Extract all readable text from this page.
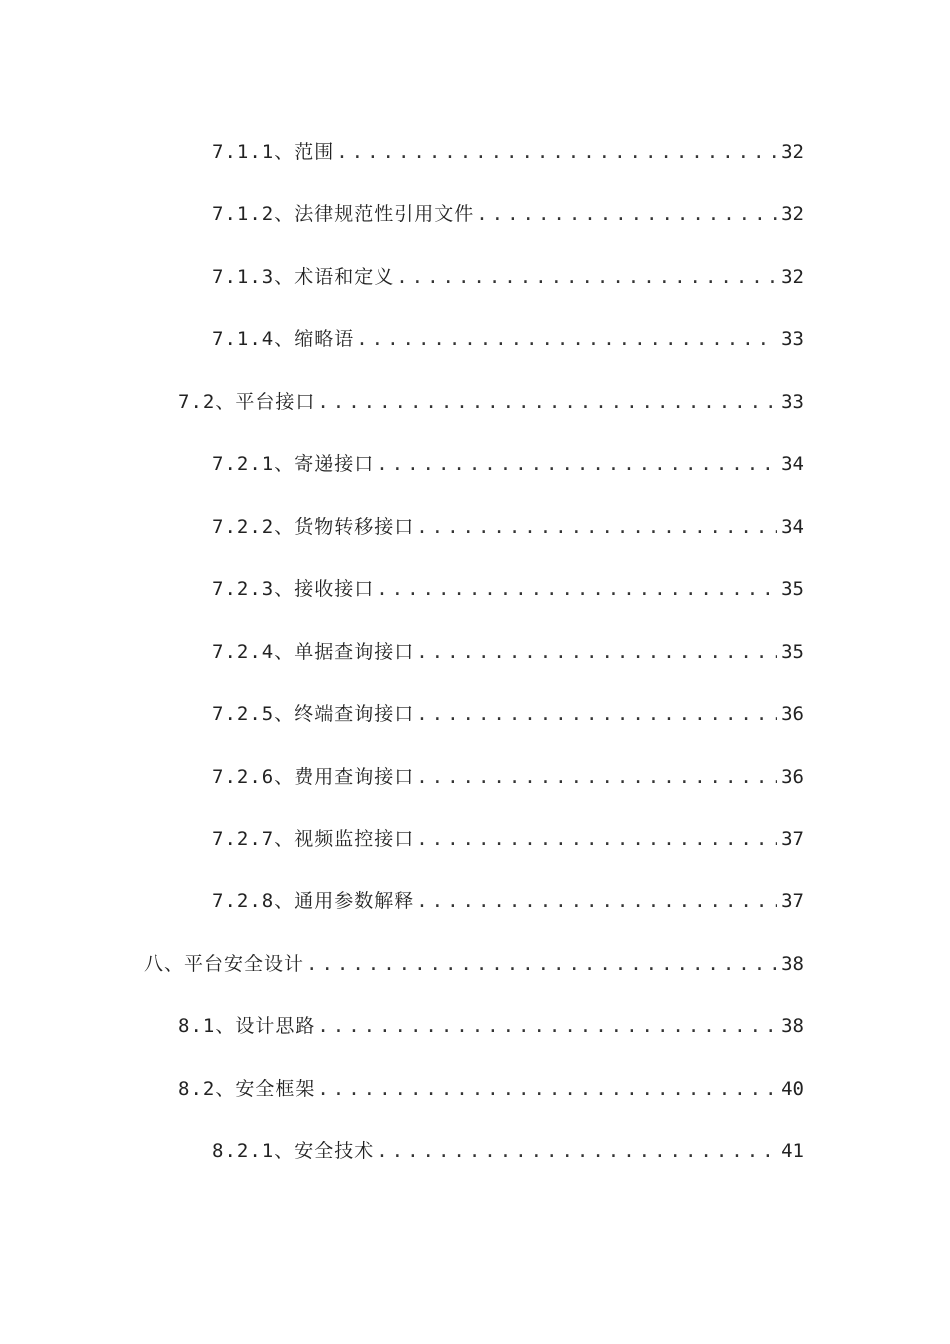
7.1.1、范围 .....	32
7.1.2、法律规范性引用文件 .....	32
7.1.3、术语和定义 .....	32
7.1.4、缩略语 .....	33
7.2、平台接口 .....	33
7.2.1、寄递接口 .....	34
7.2.2、货物转移接口 .....	34
7.2.3、接收接口 .....	35
7.2.4、单据查询接口 .....	35
7.2.5、终端查询接口 .....	36
7.2.6、费用查询接口 .....	36
7.2.7、视频监控接口 .....	37
7.2.8、通用参数解释 .....	37
八、平台安全设计 .....	38
8.1、设计思路 .....	38
8.2、安全框架 .....	40
8.2.1、安全技术 .....	41
